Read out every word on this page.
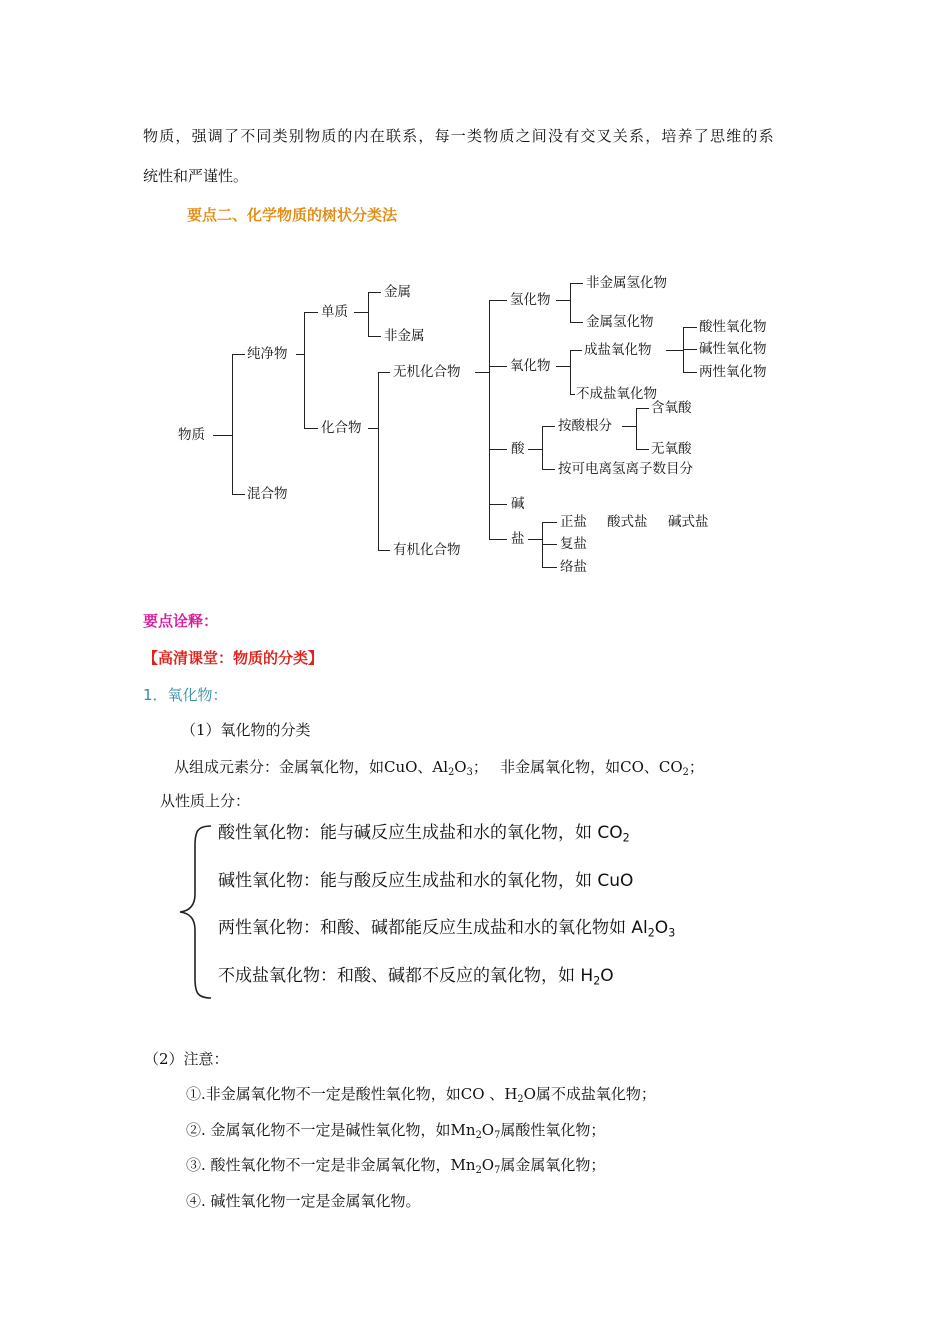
物质，强调了不同类别物质的内在联系，每一类物质之间没有交叉关系，培养了思维的系
统性和严谨性。
要点二、化学物质的树状分类法
物质
纯净物
混合物
单质
金属
非金属
化合物
无机化合物
有机化合物
氢化物
非金属氢化物
金属氢化物
氧化物
成盐氧化物
酸性氧化物
碱性氧化物
两性氧化物
不成盐氧化物
酸
按酸根分
含氧酸
无氧酸
按可电离氢离子数目分
碱
盐
正盐 酸式盐 碱式盐
复盐
络盐
要点诠释：
【高清课堂：物质的分类】
1．氧化物：
（1）氧化物的分类
从组成元素分：金属氧化物，如CuO、$Al_2O_3$；　 非金属氧化物，如CO、$CO_2$；
从性质上分：
酸性氧化物：能与碱反应生成盐和水的氧化物，如 $CO_2$
碱性氧化物：能与酸反应生成盐和水的氧化物，如 CuO
两性氧化物：和酸、碱都能反应生成盐和水的氧化物如 $Al_2O_3$
不成盐氧化物：和酸、碱都不反应的氧化物，如 $H_2O$
（2）注意：
①.非金属氧化物不一定是酸性氧化物，如CO 、$H_2O$属不成盐氧化物；
②. 金属氧化物不一定是碱性氧化物，如$Mn_2O_7$属酸性氧化物；
③. 酸性氧化物不一定是非金属氧化物，$Mn_2O_7$属金属氧化物；
④. 碱性氧化物一定是金属氧化物。
